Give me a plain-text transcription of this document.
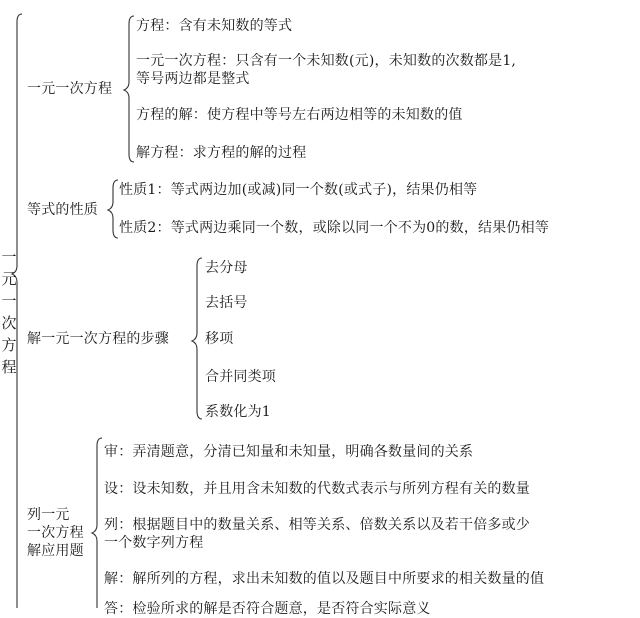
一
元
一
次
方
程
一元一次方程
方程：含有未知数的等式
一元一次方程：只含有一个未知数(元)，未知数的次数都是1,
等号两边都是整式
方程的解：使方程中等号左右两边相等的未知数的值
解方程：求方程的解的过程
等式的性质
性质1：等式两边加(或减)同一个数(或式子)，结果仍相等
性质2：等式两边乘同一个数，或除以同一个不为0的数，结果仍相等
解一元一次方程的步骤
去分母
去括号
移项
合并同类项
系数化为1
列一元
一次方程
解应用题
审：弄清题意，分清已知量和未知量，明确各数量间的关系
设：设未知数，并且用含未知数的代数式表示与所列方程有关的数量
列：根据题目中的数量关系、相等关系、倍数关系以及若干倍多或少
一个数字列方程
解：解所列的方程，求出未知数的值以及题目中所要求的相关数量的值
答：检验所求的解是否符合题意，是否符合实际意义
